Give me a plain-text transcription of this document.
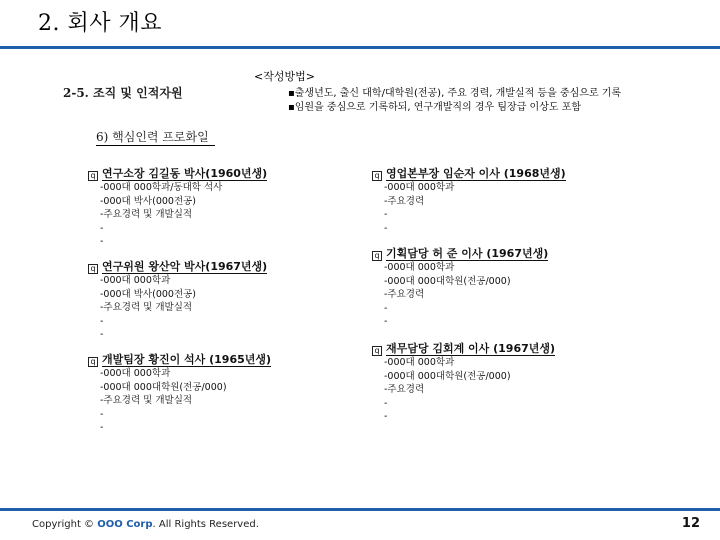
2. 회사 개요
2-5. 조직 및 인적자원
<작성방법>
▪출생년도, 출신 대학/대학원(전공), 주요 경력, 개발실적 등을 중심으로 기록
▪임원을 중심으로 기록하되, 연구개발직의 경우 팀장급 이상도 포함
6) 핵심인력 프로화일
q 연구소장 김길동 박사(1960년생)
-000대 000학과/동대학 석사
-000대 박사(000전공)
-주요경력 및 개발실적
-
-
q 연구위원 왕산악 박사(1967년생)
-000대 000학과
-000대 박사(000전공)
-주요경력 및 개발실적
-
-
q 개발팀장 황진이 석사 (1965년생)
-000대 000학과
-000대 000대학원(전공/000)
-주요경력 및 개발실적
-
-
q 영업본부장 임순자 이사 (1968년생)
-000대 000학과
-주요경력
-
-
q 기획담당 허 준 이사 (1967년생)
-000대 000학과
-000대 000대학원(전공/000)
-주요경력
-
-
q 재무담당 김회계 이사 (1967년생)
-000대 000학과
-000대 000대학원(전공/000)
-주요경력
-
-
Copyright © OOO Corp. All Rights Reserved.	12
